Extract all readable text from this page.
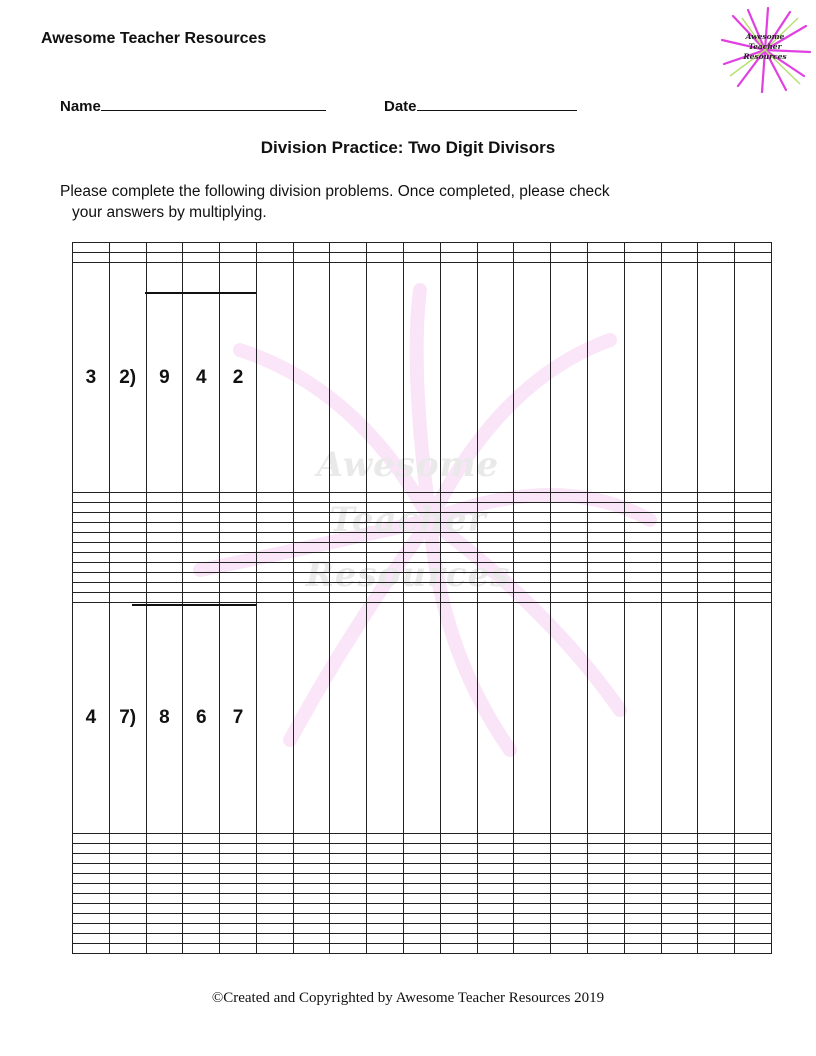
Awesome Teacher Resources	Awesome
Teacher
Resources
Name	Date
Division Practice: Two Digit Divisors
Please complete the following division problems. Once completed, please check
your answers by multiplying.
Awesome
Teacher
Resources

3	2)	9	4	2														

4	7)	8	6	7														

©Created and Copyrighted by Awesome Teacher Resources 2019
